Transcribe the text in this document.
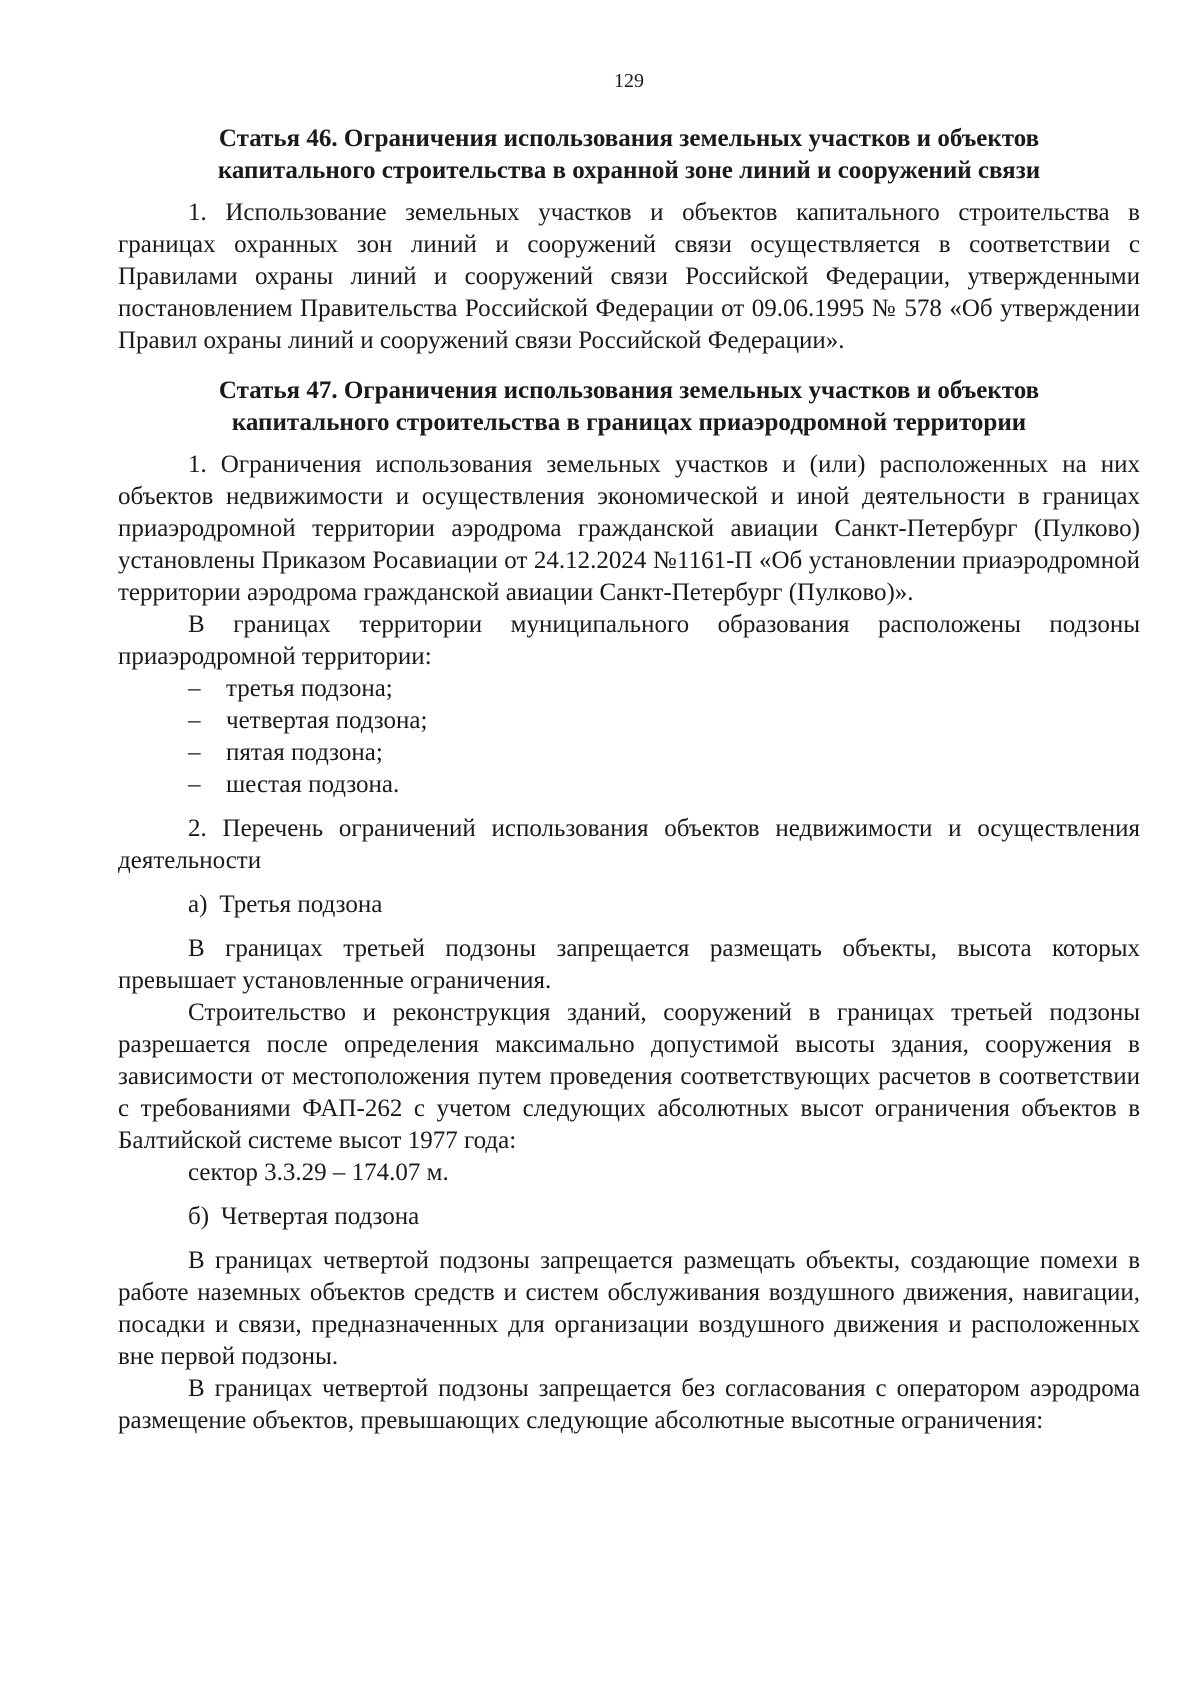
129
Статья 46. Ограничения использования земельных участков и объектов
капитального строительства в охранной зоне линий и сооружений связи

1. Использование земельных участков и объектов капитального строительства в границах охранных зон линий и сооружений связи осуществляется в соответствии с Правилами охраны линий и сооружений связи Российской Федерации, утвержденными постановлением Правительства Российской Федерации от 09.06.1995 № 578 «Об утверждении Правил охраны линий и сооружений связи Российской Федерации».

Статья 47. Ограничения использования земельных участков и объектов
капитального строительства в границах приаэродромной территории

1. Ограничения использования земельных участков и (или) расположенных на них объектов недвижимости и осуществления экономической и иной деятельности в границах приаэродромной территории аэродрома гражданской авиации Санкт-Петербург (Пулково) установлены Приказом Росавиации от 24.12.2024 №1161-П «Об установлении приаэродромной территории аэродрома гражданской авиации Санкт-Петербург (Пулково)».

В границах территории муниципального образования расположены подзоны приаэродромной территории:

– третья подзона;
– четвертая подзона;
– пятая подзона;
– шестая подзона.

2. Перечень ограничений использования объектов недвижимости и осуществления деятельности

а) Третья подзона

В границах третьей подзоны запрещается размещать объекты, высота которых превышает установленные ограничения.

Строительство и реконструкция зданий, сооружений в границах третьей подзоны разрешается после определения максимально допустимой высоты здания, сооружения в зависимости от местоположения путем проведения соответствующих расчетов в соответствии с требованиями ФАП-262 с учетом следующих абсолютных высот ограничения объектов в Балтийской системе высот 1977 года:

сектор 3.3.29 – 174.07 м.

б) Четвертая подзона

В границах четвертой подзоны запрещается размещать объекты, создающие помехи в работе наземных объектов средств и систем обслуживания воздушного движения, навигации, посадки и связи, предназначенных для организации воздушного движения и расположенных вне первой подзоны.

В границах четвертой подзоны запрещается без согласования с оператором аэродрома размещение объектов, превышающих следующие абсолютные высотные ограничения:
